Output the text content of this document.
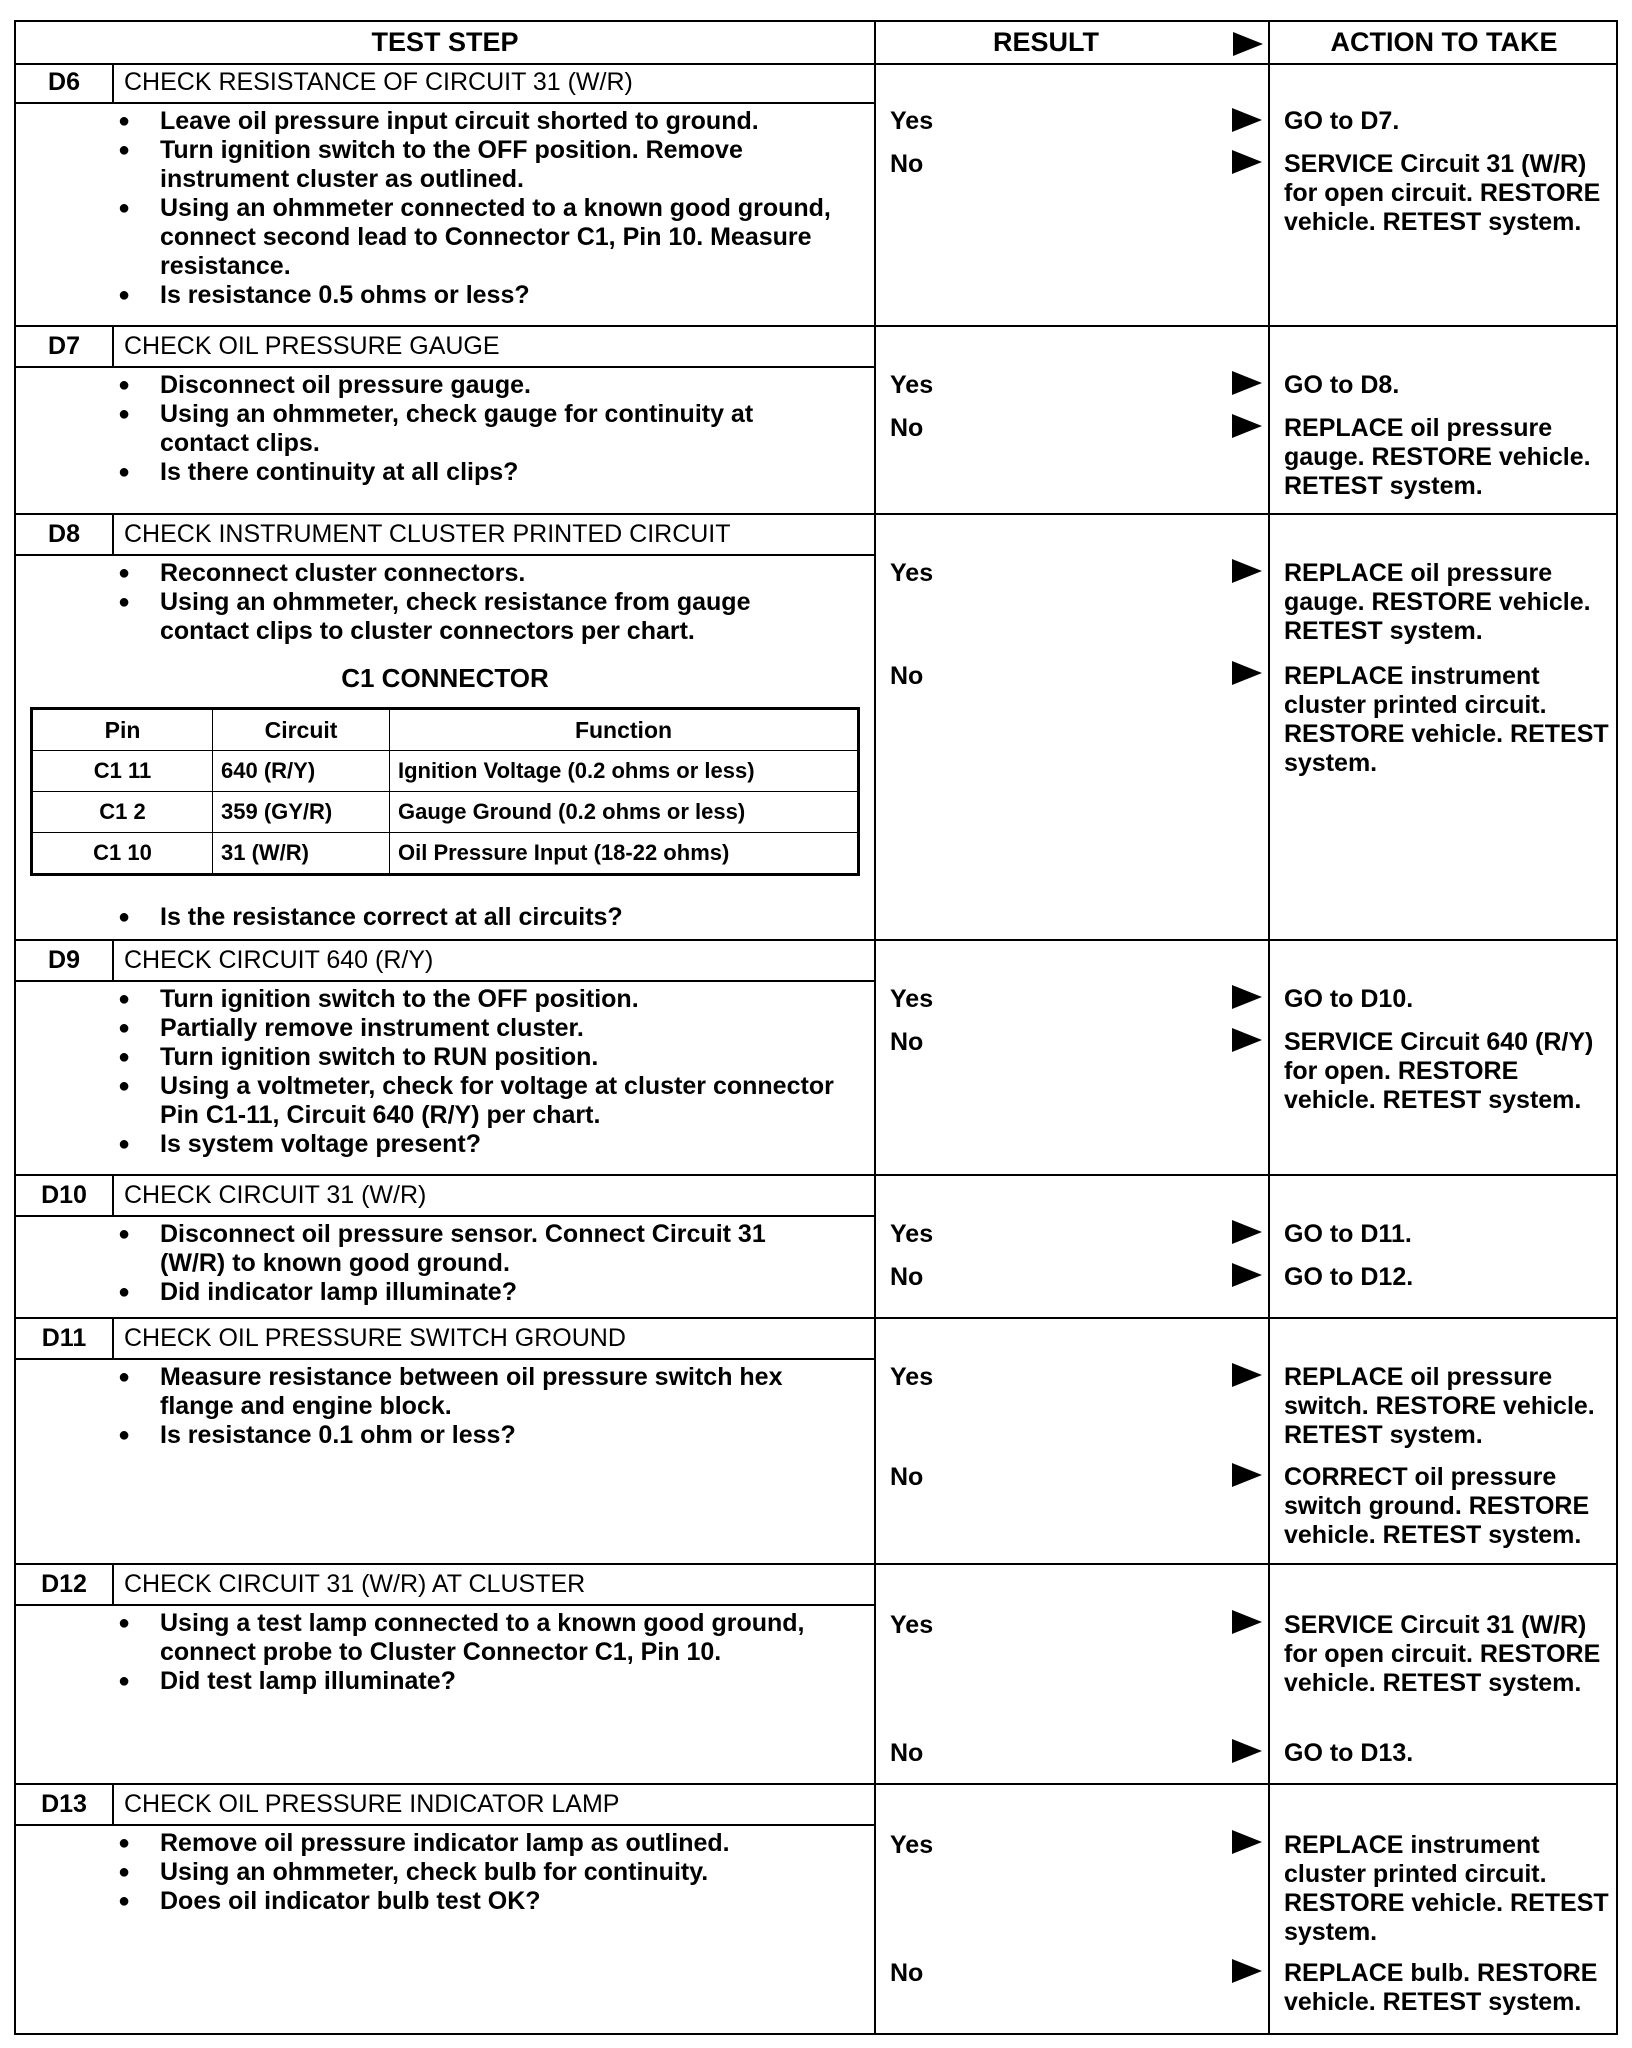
TEST STEP	RESULT	ACTION TO TAKE
D6	CHECK RESISTANCE OF CIRCUIT 31 (W/R)
● Leave oil pressure input circuit shorted to ground.
● Turn ignition switch to the OFF position. Remove instrument cluster as outlined.
● Using an ohmmeter connected to a known good ground, connect second lead to Connector C1, Pin 10. Measure resistance.
● Is resistance 0.5 ohms or less?
Yes	GO to D7.
No	SERVICE Circuit 31 (W/R) for open circuit. RESTORE vehicle. RETEST system.
D7	CHECK OIL PRESSURE GAUGE
● Disconnect oil pressure gauge.
● Using an ohmmeter, check gauge for continuity at contact clips.
● Is there continuity at all clips?
Yes	GO to D8.
No	REPLACE oil pressure gauge. RESTORE vehicle. RETEST system.
D8	CHECK INSTRUMENT CLUSTER PRINTED CIRCUIT
● Reconnect cluster connectors.
● Using an ohmmeter, check resistance from gauge contact clips to cluster connectors per chart.
C1 CONNECTOR
Pin	Circuit	Function
C1 11	640 (R/Y)	Ignition Voltage (0.2 ohms or less)
C1 2	359 (GY/R)	Gauge Ground (0.2 ohms or less)
C1 10	31 (W/R)	Oil Pressure Input (18-22 ohms)
● Is the resistance correct at all circuits?
Yes	REPLACE oil pressure gauge. RESTORE vehicle. RETEST system.
No	REPLACE instrument cluster printed circuit. RESTORE vehicle. RETEST system.
D9	CHECK CIRCUIT 640 (R/Y)
● Turn ignition switch to the OFF position.
● Partially remove instrument cluster.
● Turn ignition switch to RUN position.
● Using a voltmeter, check for voltage at cluster connector Pin C1-11, Circuit 640 (R/Y) per chart.
● Is system voltage present?
Yes	GO to D10.
No	SERVICE Circuit 640 (R/Y) for open. RESTORE vehicle. RETEST system.
D10	CHECK CIRCUIT 31 (W/R)
● Disconnect oil pressure sensor. Connect Circuit 31 (W/R) to known good ground.
● Did indicator lamp illuminate?
Yes	GO to D11.
No	GO to D12.
D11	CHECK OIL PRESSURE SWITCH GROUND
● Measure resistance between oil pressure switch hex flange and engine block.
● Is resistance 0.1 ohm or less?
Yes	REPLACE oil pressure switch. RESTORE vehicle. RETEST system.
No	CORRECT oil pressure switch ground. RESTORE vehicle. RETEST system.
D12	CHECK CIRCUIT 31 (W/R) AT CLUSTER
● Using a test lamp connected to a known good ground, connect probe to Cluster Connector C1, Pin 10.
● Did test lamp illuminate?
Yes	SERVICE Circuit 31 (W/R) for open circuit. RESTORE vehicle. RETEST system.
No	GO to D13.
D13	CHECK OIL PRESSURE INDICATOR LAMP
● Remove oil pressure indicator lamp as outlined.
● Using an ohmmeter, check bulb for continuity.
● Does oil indicator bulb test OK?
Yes	REPLACE instrument cluster printed circuit. RESTORE vehicle. RETEST system.
No	REPLACE bulb. RESTORE vehicle. RETEST system.
